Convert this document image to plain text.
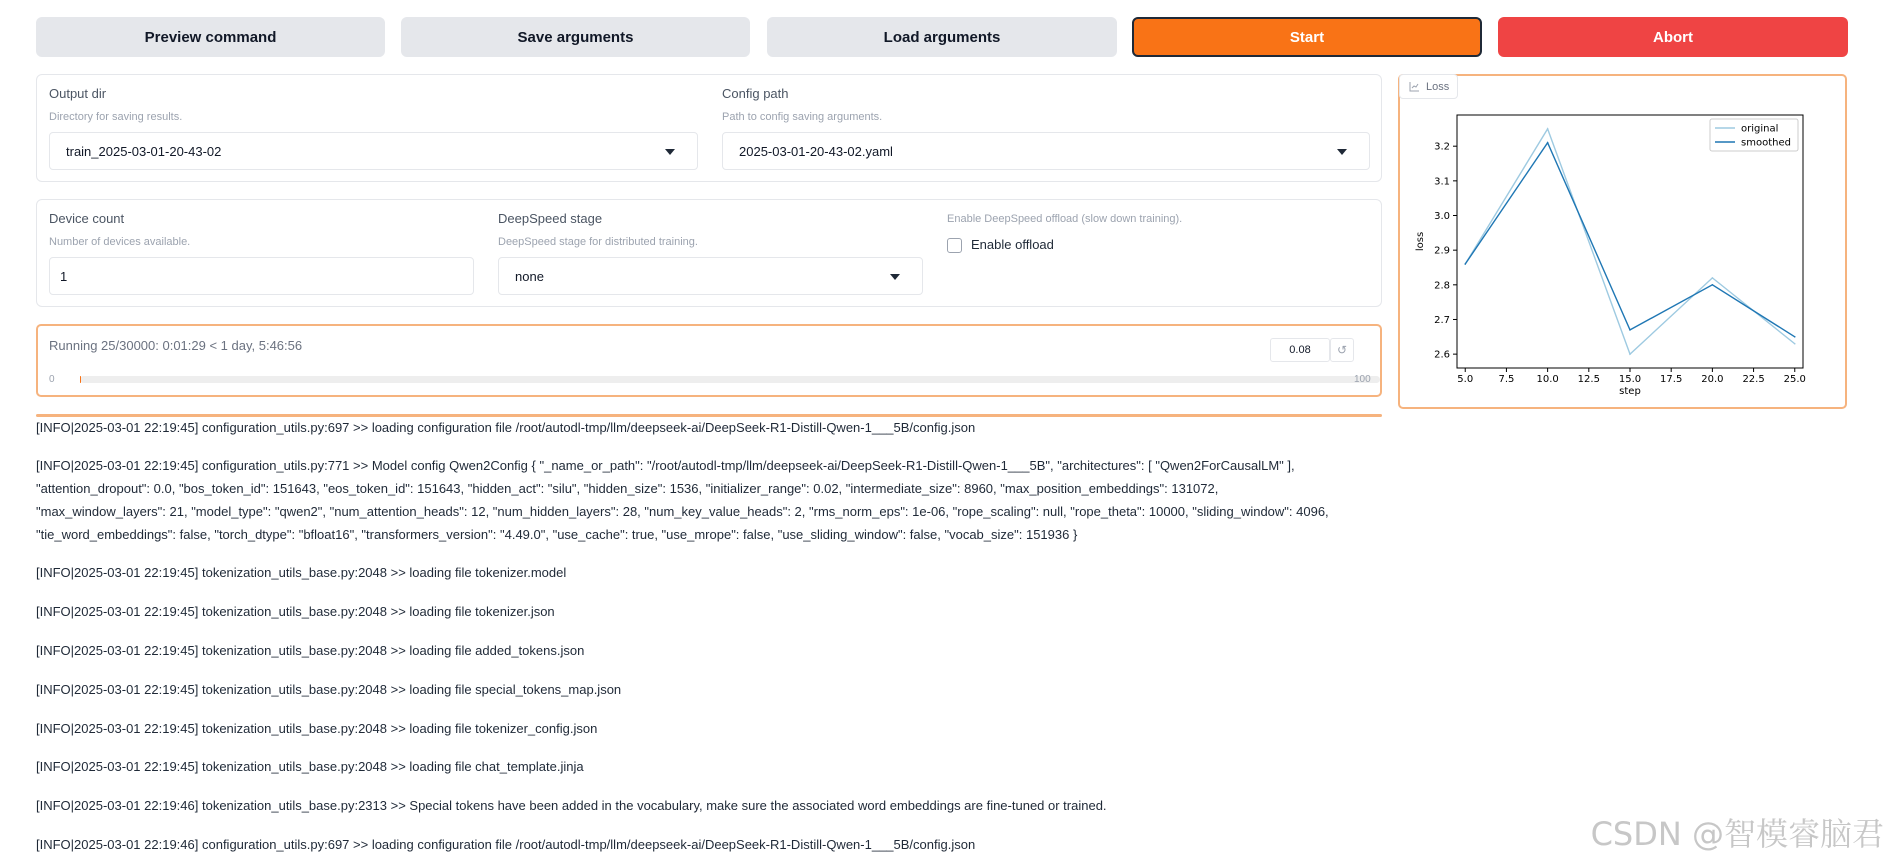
Preview command	Save arguments	Load arguments	Start	Abort
Output dir
Directory for saving results.
train_2025-03-01-20-43-02
Config path
Path to config saving arguments.
2025-03-01-20-43-02.yaml
Device count
Number of devices available.
1
DeepSpeed stage
DeepSpeed stage for distributed training.
none
Enable DeepSpeed offload (slow down training).
Enable offload
Running 25/30000: 0:01:29 < 1 day, 5:46:56	0.08	↺
0	100

[INFO|2025-03-01 22:19:45] configuration_utils.py:697 >> loading configuration file /root/autodl-tmp/llm/deepseek-ai/DeepSeek-R1-Distill-Qwen-1___5B/config.json

[INFO|2025-03-01 22:19:45] configuration_utils.py:771 >> Model config Qwen2Config { "_name_or_path": "/root/autodl-tmp/llm/deepseek-ai/DeepSeek-R1-Distill-Qwen-1___5B", "architectures": [ "Qwen2ForCausalLM" ],

"attention_dropout": 0.0, "bos_token_id": 151643, "eos_token_id": 151643, "hidden_act": "silu", "hidden_size": 1536, "initializer_range": 0.02, "intermediate_size": 8960, "max_position_embeddings": 131072,

"max_window_layers": 21, "model_type": "qwen2", "num_attention_heads": 12, "num_hidden_layers": 28, "num_key_value_heads": 2, "rms_norm_eps": 1e-06, "rope_scaling": null, "rope_theta": 10000, "sliding_window": 4096,

"tie_word_embeddings": false, "torch_dtype": "bfloat16", "transformers_version": "4.49.0", "use_cache": true, "use_mrope": false, "use_sliding_window": false, "vocab_size": 151936 }

[INFO|2025-03-01 22:19:45] tokenization_utils_base.py:2048 >> loading file tokenizer.model

[INFO|2025-03-01 22:19:45] tokenization_utils_base.py:2048 >> loading file tokenizer.json

[INFO|2025-03-01 22:19:45] tokenization_utils_base.py:2048 >> loading file added_tokens.json

[INFO|2025-03-01 22:19:45] tokenization_utils_base.py:2048 >> loading file special_tokens_map.json

[INFO|2025-03-01 22:19:45] tokenization_utils_base.py:2048 >> loading file tokenizer_config.json

[INFO|2025-03-01 22:19:45] tokenization_utils_base.py:2048 >> loading file chat_template.jinja

[INFO|2025-03-01 22:19:46] tokenization_utils_base.py:2313 >> Special tokens have been added in the vocabulary, make sure the associated word embeddings are fine-tuned or trained.

[INFO|2025-03-01 22:19:46] configuration_utils.py:697 >> loading configuration file /root/autodl-tmp/llm/deepseek-ai/DeepSeek-R1-Distill-Qwen-1___5B/config.json

Loss
5.0	7.5 10.0 12.5 15.0 17.5 20.0 22.5 25.0
2.6
2.7
2.8
2.9
3.0
3.1
3.2
step
loss
original
smoothed
CSDN @智模睿脑君
